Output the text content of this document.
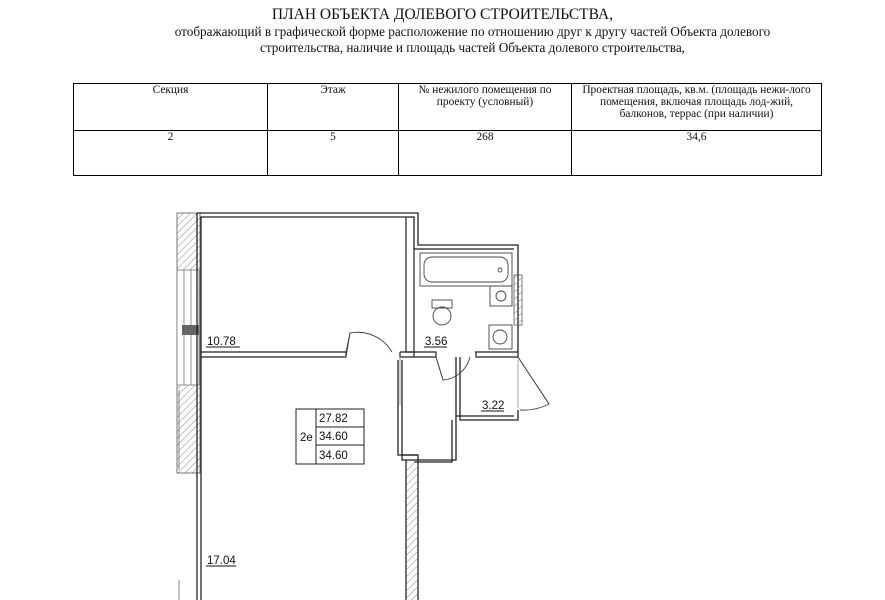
ПЛАН ОБЪЕКТА ДОЛЕВОГО СТРОИТЕЛЬСТВА,
отображающий в графической форме расположение по отношению друг к другу частей Объекта долевого
строительства, наличие и площадь частей Объекта долевого строительства,
Секция	Этаж	№ нежилого помещения по проекту (условный)	Проектная площадь, кв.м. (площадь нежи-лого помещения, включая площадь лод-жий, балконов, террас (при наличии)
2	5	268	34,6
10.78	3.56
3.22
17.04
2е
27.82
34.60
34.60
